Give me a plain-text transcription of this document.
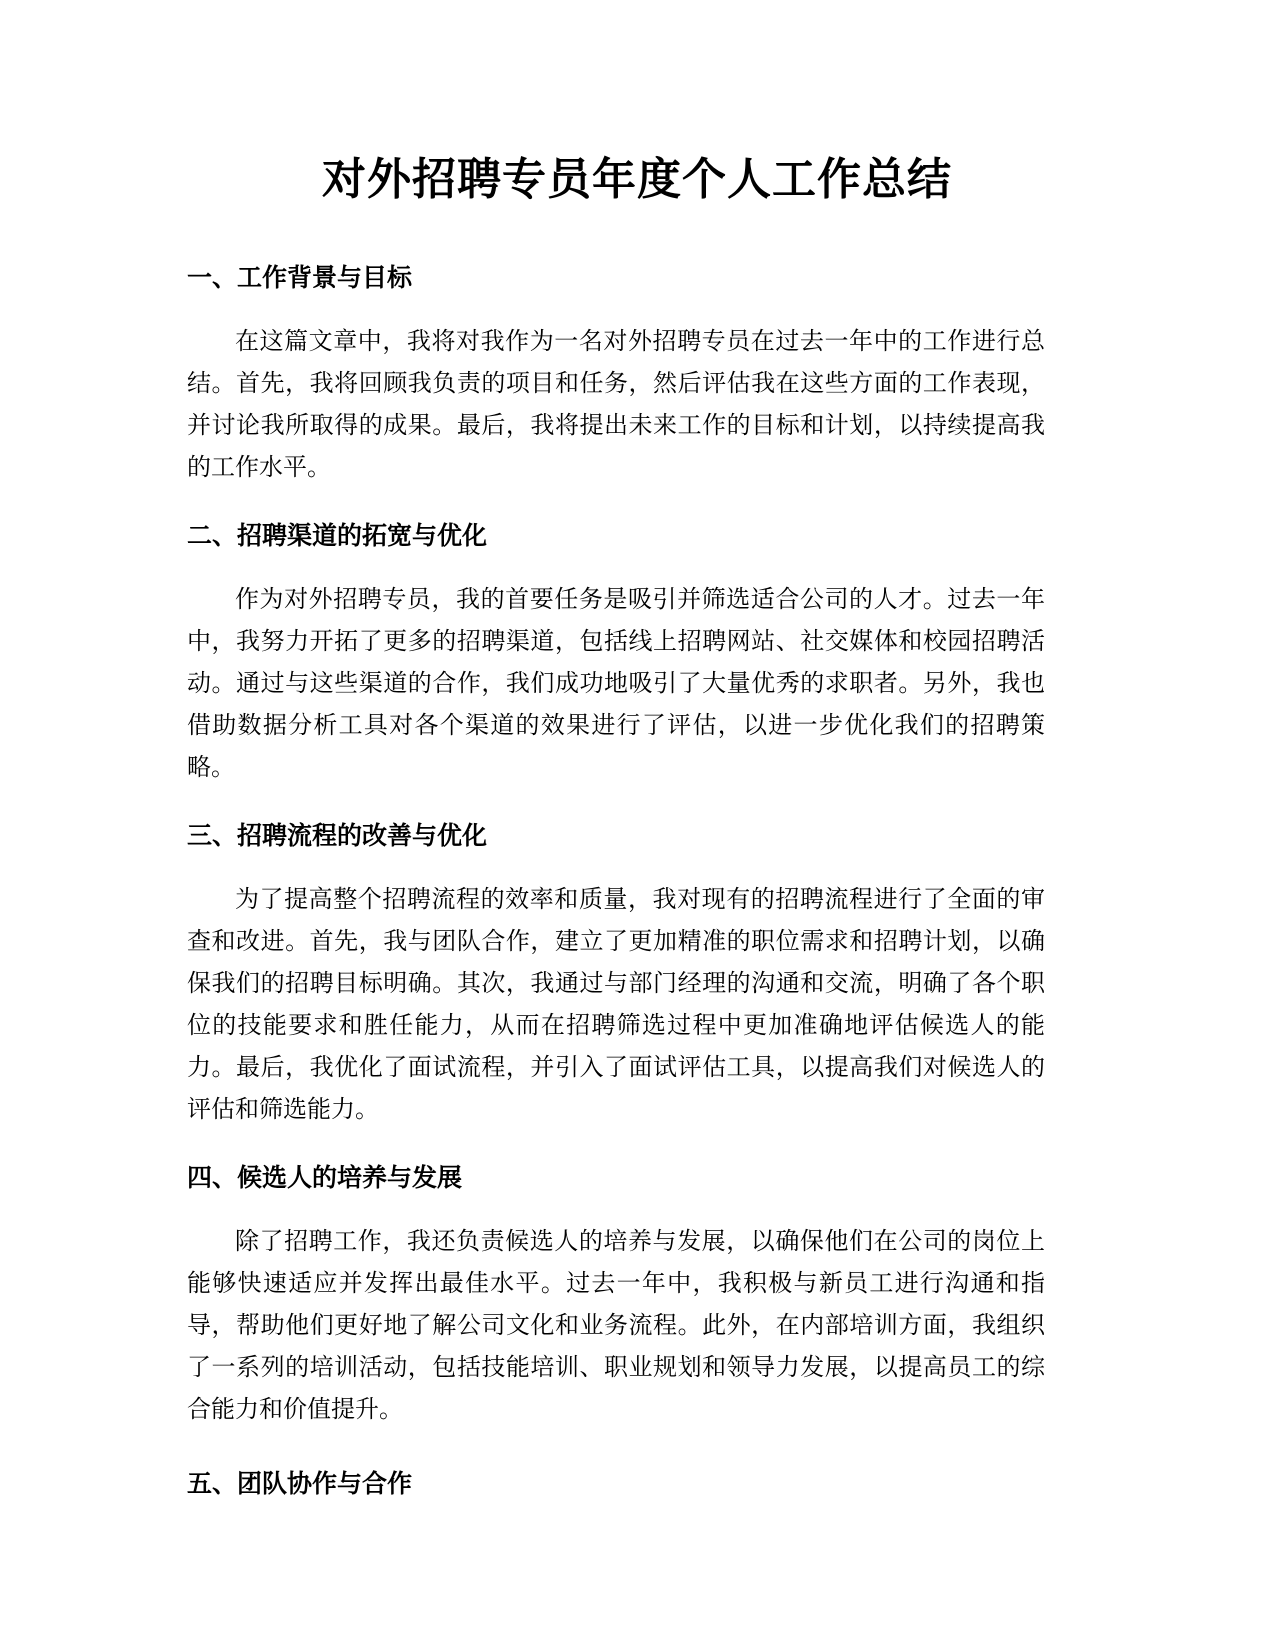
对外招聘专员年度个人工作总结
一、工作背景与目标

在这篇文章中，我将对我作为一名对外招聘专员在过去一年中的工作进行总结。首先，我将回顾我负责的项目和任务，然后评估我在这些方面的工作表现，并讨论我所取得的成果。最后，我将提出未来工作的目标和计划，以持续提高我的工作水平。

二、招聘渠道的拓宽与优化

作为对外招聘专员，我的首要任务是吸引并筛选适合公司的人才。过去一年中，我努力开拓了更多的招聘渠道，包括线上招聘网站、社交媒体和校园招聘活动。通过与这些渠道的合作，我们成功地吸引了大量优秀的求职者。另外，我也借助数据分析工具对各个渠道的效果进行了评估，以进一步优化我们的招聘策略。

三、招聘流程的改善与优化

为了提高整个招聘流程的效率和质量，我对现有的招聘流程进行了全面的审查和改进。首先，我与团队合作，建立了更加精准的职位需求和招聘计划，以确保我们的招聘目标明确。其次，我通过与部门经理的沟通和交流，明确了各个职位的技能要求和胜任能力，从而在招聘筛选过程中更加准确地评估候选人的能力。最后，我优化了面试流程，并引入了面试评估工具，以提高我们对候选人的评估和筛选能力。

四、候选人的培养与发展

除了招聘工作，我还负责候选人的培养与发展，以确保他们在公司的岗位上能够快速适应并发挥出最佳水平。过去一年中，我积极与新员工进行沟通和指导，帮助他们更好地了解公司文化和业务流程。此外，在内部培训方面，我组织了一系列的培训活动，包括技能培训、职业规划和领导力发展，以提高员工的综合能力和价值提升。

五、团队协作与合作
